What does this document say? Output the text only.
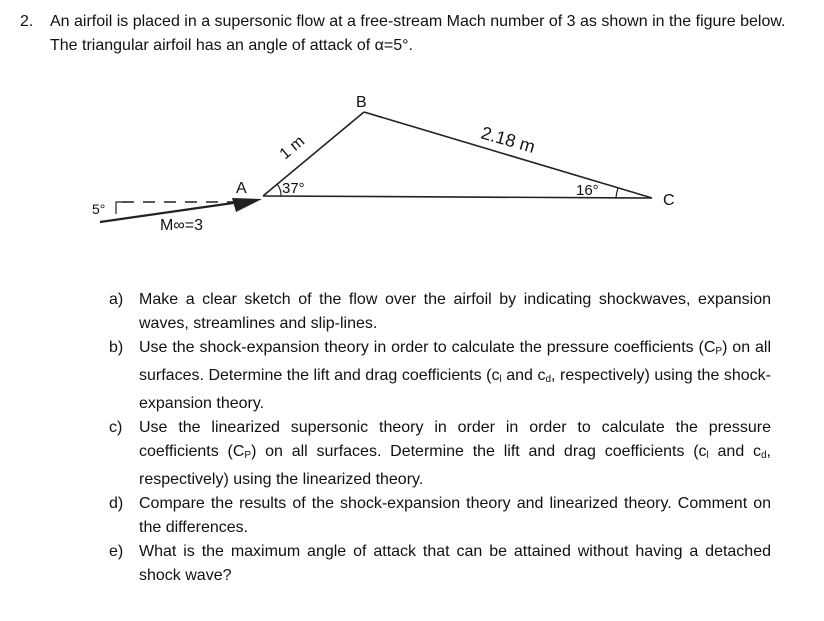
2. An airfoil is placed in a supersonic flow at a free-stream Mach number of 3 as shown in the figure below. The triangular airfoil has an angle of attack of α=5°.
A
B
C
1 m	2.18 m
37°	16°
5°
M∞=3
a) Make a clear sketch of the flow over the airfoil by indicating shockwaves, expansion waves, streamlines and slip-lines.
b) Use the shock-expansion theory in order to calculate the pressure coefficients $(C_P)$ on all surfaces. Determine the lift and drag coefficients ($c_l$ and $c_d$, respectively) using the shock-expansion theory.
c) Use the linearized supersonic theory in order in order to calculate the pressure coefficients $(C_P)$ on all surfaces. Determine the lift and drag coefficients ($c_l$ and $c_d$, respectively) using the linearized theory.
d) Compare the results of the shock-expansion theory and linearized theory. Comment on the differences.
e) What is the maximum angle of attack that can be attained without having a detached shock wave?
